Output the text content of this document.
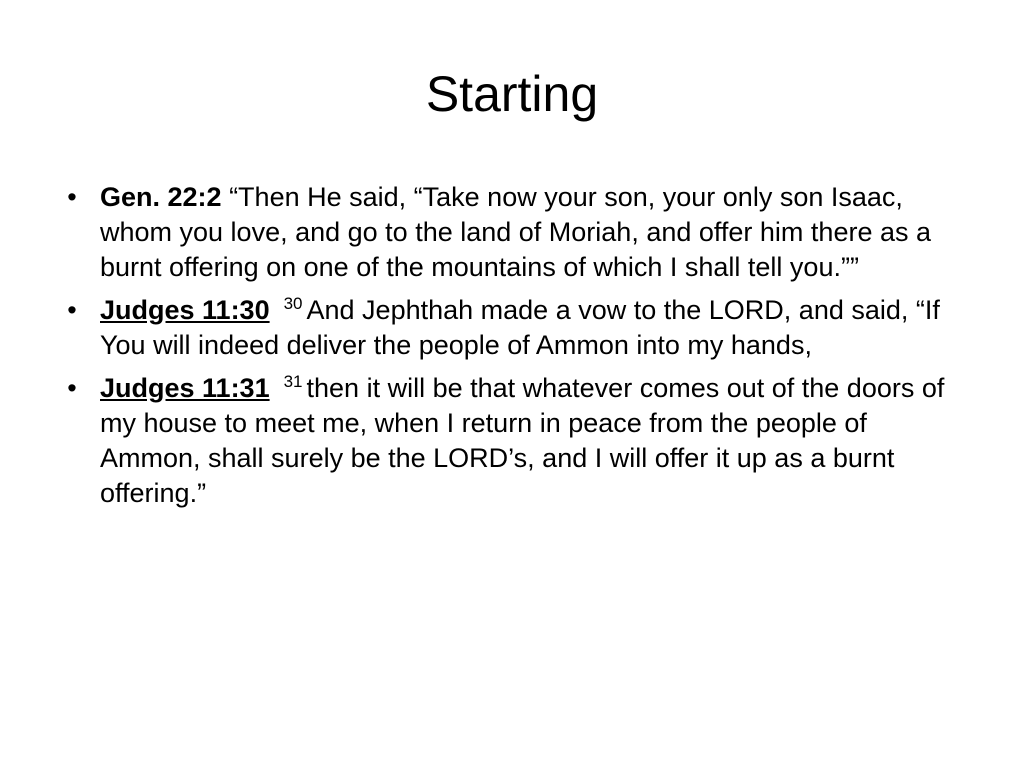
Starting
• Gen. 22:2 “Then He said, “Take now your son, your only son Isaac, whom you love, and go to the land of Moriah, and offer him there as a burnt offering on one of the mountains of which I shall tell you.””
• Judges 11:30 $^{30}$ And Jephthah made a vow to the LORD, and said, “If You will indeed deliver the people of Ammon into my hands,
• Judges 11:31 $^{31}$ then it will be that whatever comes out of the doors of my house to meet me, when I return in peace from the people of Ammon, shall surely be the LORD’s, and I will offer it up as a burnt offering.”
